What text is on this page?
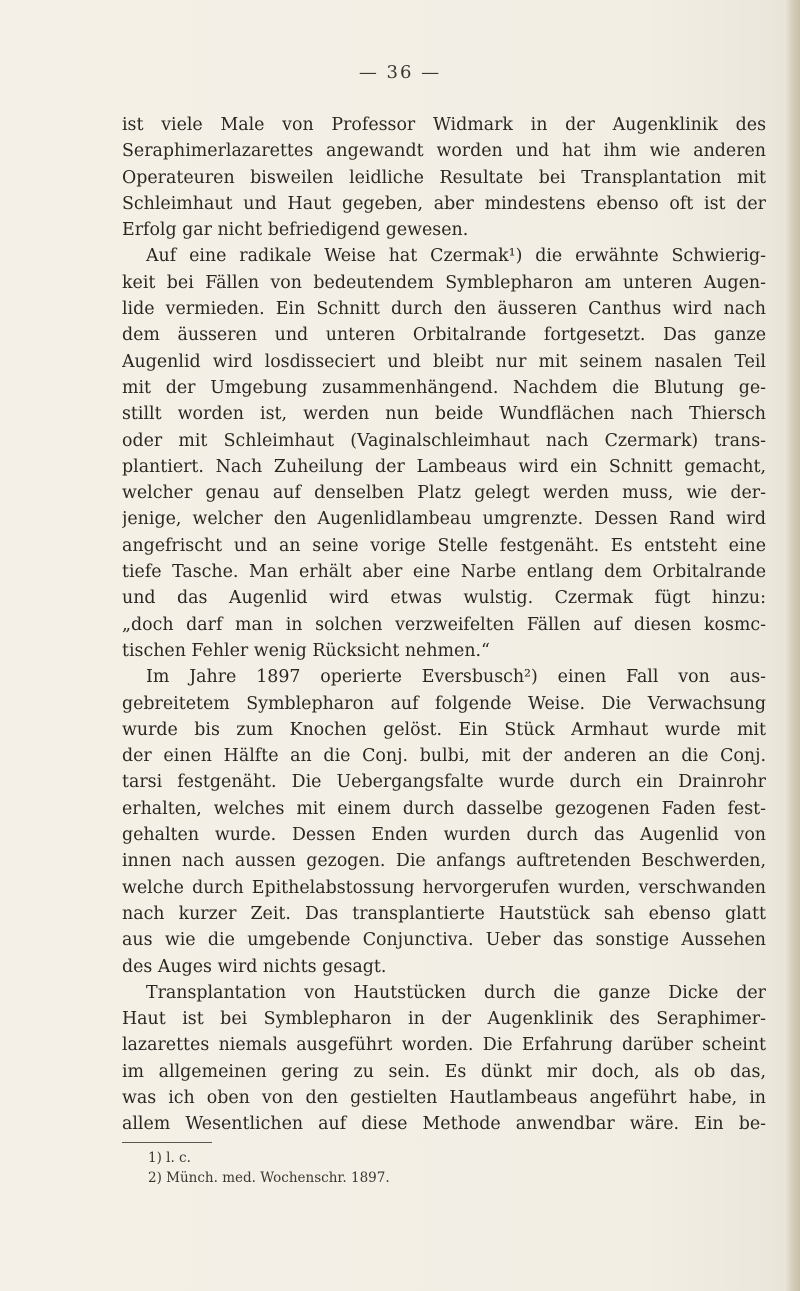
— 36 —
ist viele Male von Professor Widmark in der Augenklinik des
Seraphimerlazarettes angewandt worden und hat ihm wie anderen
Operateuren bisweilen leidliche Resultate bei Transplantation mit
Schleimhaut und Haut gegeben, aber mindestens ebenso oft ist der
Erfolg gar nicht befriedigend gewesen.
Auf eine radikale Weise hat Czermak¹) die erwähnte Schwierig-
keit bei Fällen von bedeutendem Symblepharon am unteren Augen-
lide vermieden. Ein Schnitt durch den äusseren Canthus wird nach
dem äusseren und unteren Orbitalrande fortgesetzt. Das ganze
Augenlid wird losdisseciert und bleibt nur mit seinem nasalen Teil
mit der Umgebung zusammenhängend. Nachdem die Blutung ge-
stillt worden ist, werden nun beide Wundflächen nach Thiersch
oder mit Schleimhaut (Vaginalschleimhaut nach Czermark) trans-
plantiert. Nach Zuheilung der Lambeaus wird ein Schnitt gemacht,
welcher genau auf denselben Platz gelegt werden muss, wie der-
jenige, welcher den Augenlidlambeau umgrenzte. Dessen Rand wird
angefrischt und an seine vorige Stelle festgenäht. Es entsteht eine
tiefe Tasche. Man erhält aber eine Narbe entlang dem Orbitalrande
und das Augenlid wird etwas wulstig. Czermak fügt hinzu:
„doch darf man in solchen verzweifelten Fällen auf diesen kosmc-
tischen Fehler wenig Rücksicht nehmen.“
Im Jahre 1897 operierte Eversbusch²) einen Fall von aus-
gebreitetem Symblepharon auf folgende Weise. Die Verwachsung
wurde bis zum Knochen gelöst. Ein Stück Armhaut wurde mit
der einen Hälfte an die Conj. bulbi, mit der anderen an die Conj.
tarsi festgenäht. Die Uebergangsfalte wurde durch ein Drainrohr
erhalten, welches mit einem durch dasselbe gezogenen Faden fest-
gehalten wurde. Dessen Enden wurden durch das Augenlid von
innen nach aussen gezogen. Die anfangs auftretenden Beschwerden,
welche durch Epithelabstossung hervorgerufen wurden, verschwanden
nach kurzer Zeit. Das transplantierte Hautstück sah ebenso glatt
aus wie die umgebende Conjunctiva. Ueber das sonstige Aussehen
des Auges wird nichts gesagt.
Transplantation von Hautstücken durch die ganze Dicke der
Haut ist bei Symblepharon in der Augenklinik des Seraphimer-
lazarettes niemals ausgeführt worden. Die Erfahrung darüber scheint
im allgemeinen gering zu sein. Es dünkt mir doch, als ob das,
was ich oben von den gestielten Hautlambeaus angeführt habe, in
allem Wesentlichen auf diese Methode anwendbar wäre. Ein be-
1) l. c.
2) Münch. med. Wochenschr. 1897.
